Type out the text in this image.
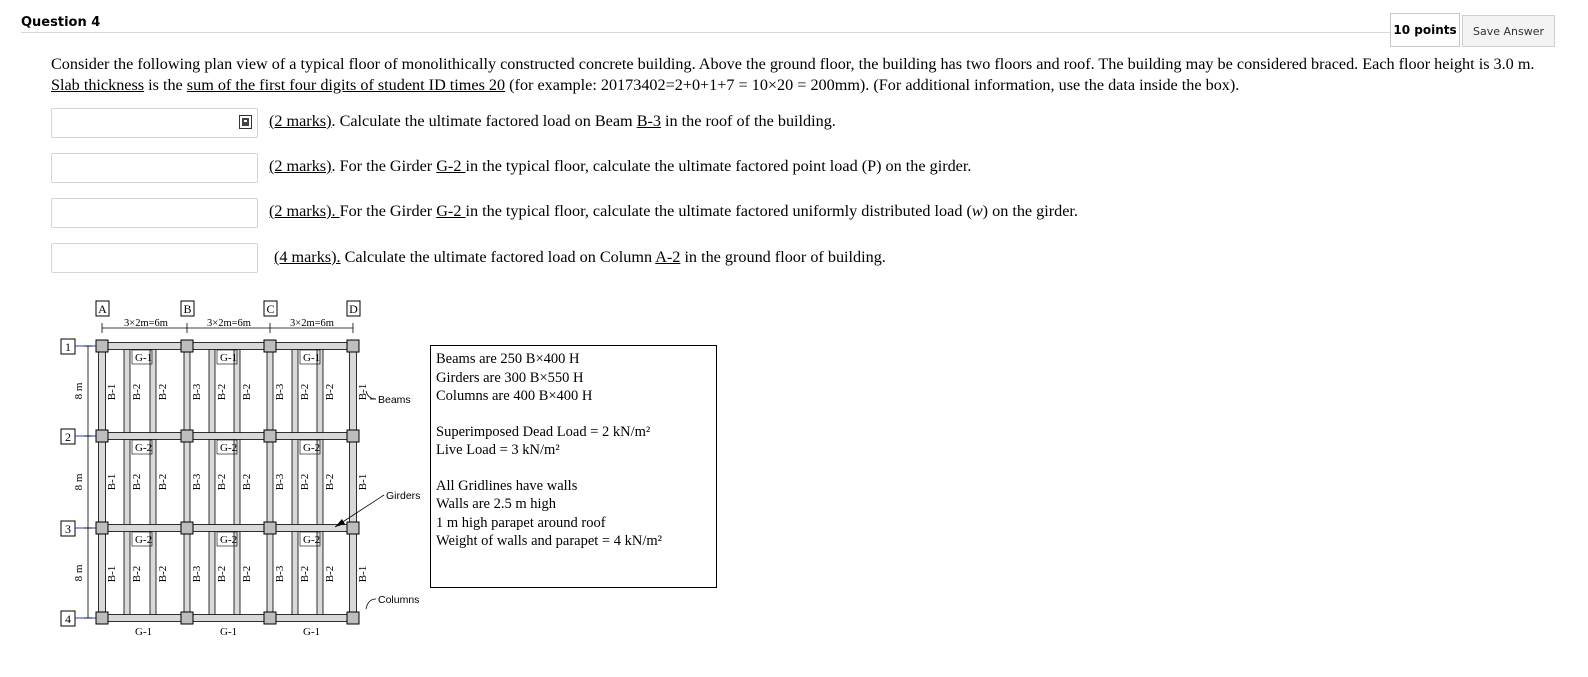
Question 4	10 points	Save Answer
Consider the following plan view of a typical floor of monolithically constructed concrete building. Above the ground floor, the building has two floors and roof. The building may be considered braced. Each floor height is 3.0 m. Slab thickness is the sum of the first four digits of student ID times 20 (for example: 20173402=2+0+1+7 = 10×20 = 200mm). (For additional information, use the data inside the box).
(2 marks). Calculate the ultimate factored load on Beam B-3 in the roof of the building.
(2 marks). For the Girder G-2 in the typical floor, calculate the ultimate factored point load (P) on the girder.
(2 marks). For the Girder G-2 in the typical floor, calculate the ultimate factored uniformly distributed load (w) on the girder.
(4 marks). Calculate the ultimate factored load on Column A-2 in the ground floor of building.
A	B	C	D
3×2m=6m	3×2m=6m	3×2m=6m
1
2
3
4
8 m
8 m
8 m
G-1
G-2
G-2
G-1
G-1
G-2
G-2
G-1
G-1
G-2
G-2
G-1
B-1 B-2 B-2 B-3 B-2 B-2 B-3 B-2 B-2 B-1
B-1 B-2 B-2 B-3 B-2 B-2 B-3 B-2 B-2 B-1
B-1 B-2 B-2 B-3 B-2 B-2 B-3 B-2 B-2 B-1
Beams
Girders
Columns
Beams are 250 B×400 H
Girders are 300 B×550 H
Columns are 400 B×400 H
Superimposed Dead Load = 2 kN/m²
Live Load = 3 kN/m²
All Gridlines have walls
Walls are 2.5 m high
1 m high parapet around roof
Weight of walls and parapet = 4 kN/m²
